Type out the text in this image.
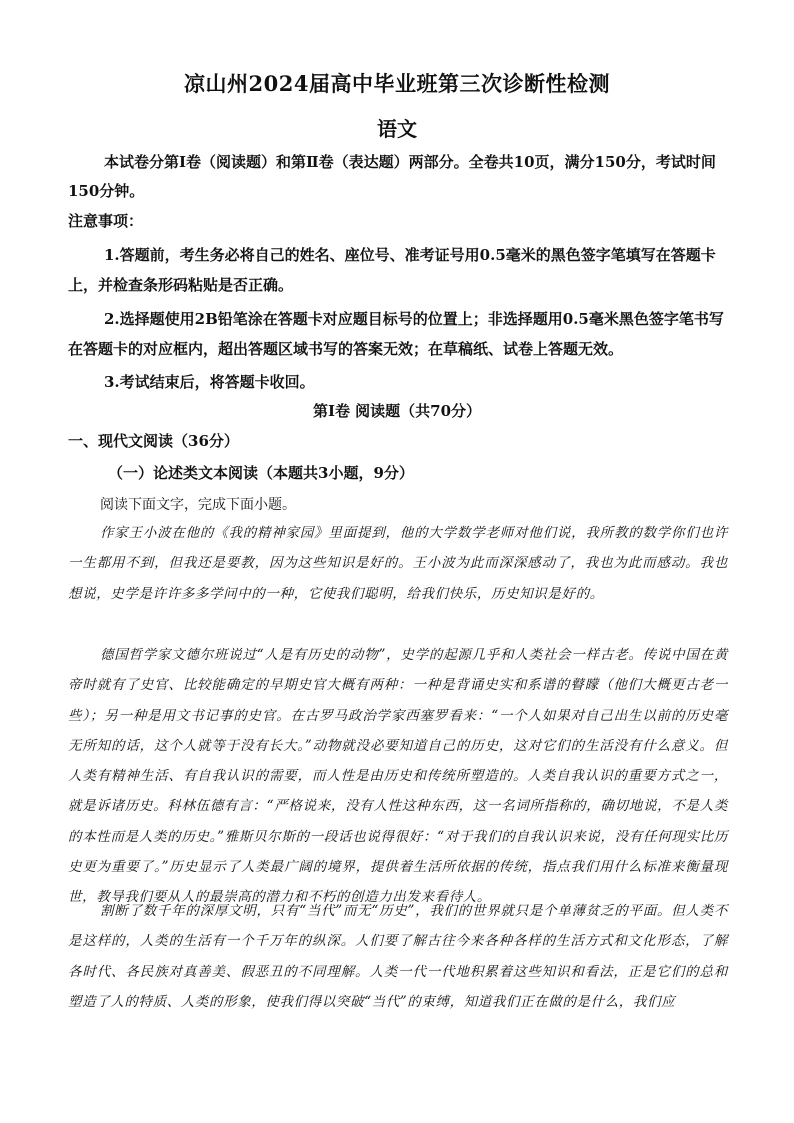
凉山州2024届高中毕业班第三次诊断性检测
语文
本试卷分第Ⅰ卷（阅读题）和第Ⅱ卷（表达题）两部分。全卷共10页，满分150分，考试时间150分钟。
注意事项：
1.答题前，考生务必将自己的姓名、座位号、准考证号用0.5毫米的黑色签字笔填写在答题卡上，并检查条形码粘贴是否正确。
2.选择题使用2B铅笔涂在答题卡对应题目标号的位置上；非选择题用0.5毫米黑色签字笔书写在答题卡的对应框内，超出答题区域书写的答案无效；在草稿纸、试卷上答题无效。
3.考试结束后，将答题卡收回。
第Ⅰ卷 阅读题（共70分）
一、现代文阅读（36分）
（一）论述类文本阅读（本题共3小题，9分）
阅读下面文字，完成下面小题。
作家王小波在他的《我的精神家园》里面提到，他的大学数学老师对他们说，我所教的数学你们也许一生都用不到，但我还是要教，因为这些知识是好的。王小波为此而深深感动了，我也为此而感动。我也想说，史学是许许多多学问中的一种，它使我们聪明，给我们快乐，历史知识是好的。
德国哲学家文德尔班说过“人是有历史的动物”，史学的起源几乎和人类社会一样古老。传说中国在黄帝时就有了史官、比较能确定的早期史官大概有两种：一种是背诵史实和系谱的瞽矇（他们大概更古老一些）；另一种是用文书记事的史官。在古罗马政治学家西塞罗看来：“一个人如果对自己出生以前的历史毫无所知的话，这个人就等于没有长大。”动物就没必要知道自己的历史，这对它们的生活没有什么意义。但人类有精神生活、有自我认识的需要，而人性是由历史和传统所塑造的。人类自我认识的重要方式之一，就是诉诸历史。科林伍德有言：“严格说来，没有人性这种东西，这一名词所指称的，确切地说，不是人类的本性而是人类的历史。”雅斯贝尔斯的一段话也说得很好：“对于我们的自我认识来说，没有任何现实比历史更为重要了。”历史显示了人类最广阔的境界，提供着生活所依据的传统，指点我们用什么标准来衡量现世，教导我们要从人的最崇高的潜力和不朽的创造力出发来看待人。
割断了数千年的深厚文明，只有“当代”而无“历史”，我们的世界就只是个单薄贫乏的平面。但人类不是这样的，人类的生活有一个千万年的纵深。人们要了解古往今来各种各样的生活方式和文化形态，了解各时代、各民族对真善美、假恶丑的不同理解。人类一代一代地积累着这些知识和看法，正是它们的总和塑造了人的特质、人类的形象，使我们得以突破“当代”的束缚，知道我们正在做的是什么，我们应
